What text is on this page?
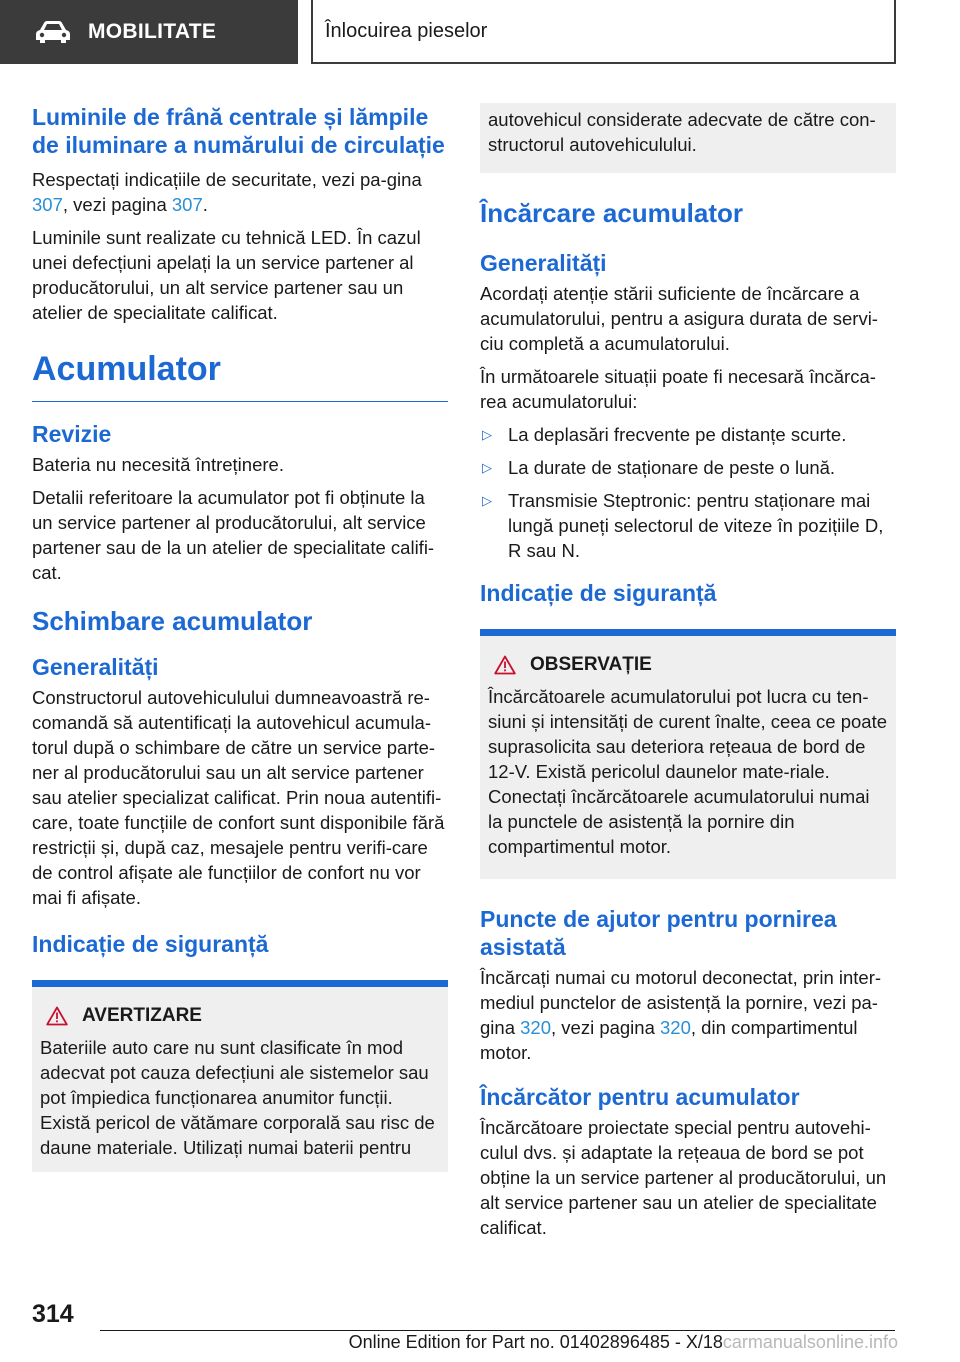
MOBILITATE	Înlocuirea pieselor
Luminile de frână centrale și lămpile de iluminare a numărului de circulație

Respectați indicațiile de securitate, vezi pa-gina 307, vezi pagina 307.

Luminile sunt realizate cu tehnică LED. În cazul unei defecțiuni apelați la un service partener al producătorului, un alt service partener sau un atelier de specialitate calificat.

Acumulator
Revizie

Bateria nu necesită întreținere.

Detalii referitoare la acumulator pot fi obținute la un service partener al producătorului, alt service partener sau de la un atelier de specialitate califi-cat.

Schimbare acumulator
Generalități

Constructorul autovehiculului dumneavoastră re-comandă să autentificați la autovehicul acumula-torul după o schimbare de către un service parte-ner al producătorului sau un alt service partener sau atelier specializat calificat. Prin noua autentifi-care, toate funcțiile de confort sunt disponibile fără restricții și, după caz, mesajele pentru verifi-care de control afișate ale funcțiilor de confort nu vor mai fi afișate.

Indicație de siguranță
AVERTIZARE

Bateriile auto care nu sunt clasificate în mod adecvat pot cauza defecțiuni ale sistemelor sau pot împiedica funcționarea anumitor funcții. Există pericol de vătămare corporală sau risc de daune materiale. Utilizați numai baterii pentru

autovehicul considerate adecvate de către con-structorul autovehiculului.

Încărcare acumulator
Generalități

Acordați atenție stării suficiente de încărcare a acumulatorului, pentru a asigura durata de servi-ciu completă a acumulatorului.

În următoarele situații poate fi necesară încărca-rea acumulatorului:

▷ La deplasări frecvente pe distanțe scurte.
▷ La durate de staționare de peste o lună.
▷ Transmisie Steptronic: pentru staționare mai lungă puneți selectorul de viteze în pozițiile D, R sau N.
Indicație de siguranță
OBSERVAȚIE

Încărcătoarele acumulatorului pot lucra cu ten-siuni și intensități de curent înalte, ceea ce poate suprasolicita sau deteriora rețeaua de bord de 12-V. Există pericolul daunelor mate-riale. Conectați încărcătoarele acumulatorului numai la punctele de asistență la pornire din compartimentul motor.

Puncte de ajutor pentru pornirea asistată

Încărcați numai cu motorul deconectat, prin inter-mediul punctelor de asistență la pornire, vezi pa-gina 320, vezi pagina 320, din compartimentul motor.

Încărcător pentru acumulator

Încărcătoare proiectate special pentru autovehi-culul dvs. și adaptate la rețeaua de bord se pot obține la un service partener al producătorului, un alt service partener sau un atelier de specialitate calificat.

314
Online Edition for Part no. 01402896485 - X/18carmanualsonline.info
